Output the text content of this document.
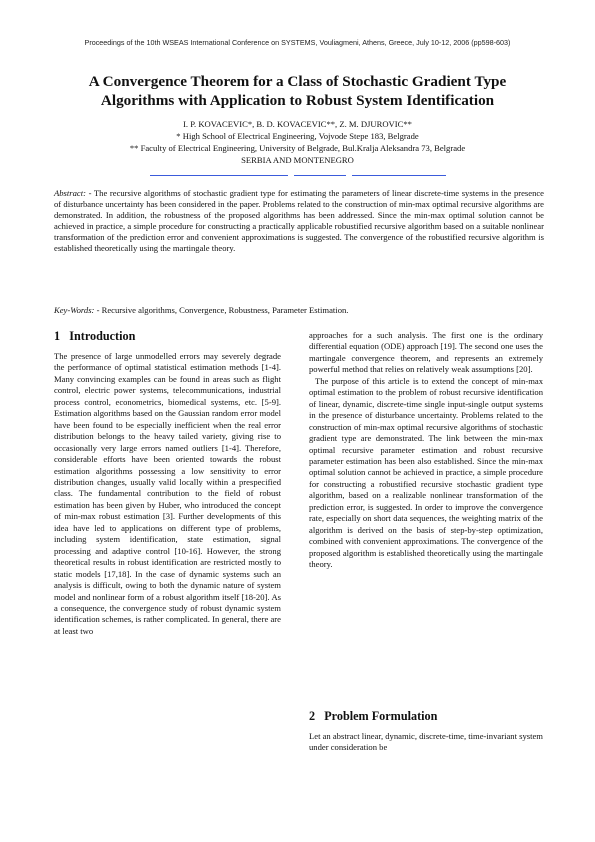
Proceedings of the 10th WSEAS International Conference on SYSTEMS, Vouliagmeni, Athens, Greece, July 10-12, 2006 (pp598-603)
A Convergence Theorem for a Class of Stochastic Gradient Type
Algorithms with Application to Robust System Identification
I. P. KOVACEVIC*, B. D. KOVACEVIC**, Z. M. DJUROVIC**
* High School of Electrical Engineering, Vojvode Stepe 183, Belgrade
** Faculty of Electrical Engineering, University of Belgrade, Bul.Kralja Aleksandra 73, Belgrade
SERBIA AND MONTENEGRO
Abstract: - The recursive algorithms of stochastic gradient type for estimating the parameters of linear discrete-time systems in the presence of disturbance uncertainty has been considered in the paper. Problems related to the construction of min-max optimal recursive algorithms are demonstrated. In addition, the robustness of the proposed algorithms has been addressed. Since the min-max optimal solution cannot be achieved in practice, a simple procedure for constructing a practically applicable robustified recursive algorithm based on a suitable nonlinear transformation of the prediction error and convenient approximations is suggested. The convergence of the robustified recursive algorithm is established theoretically using the martingale theory.
Key-Words: - Recursive algorithms, Convergence, Robustness, Parameter Estimation.
1 Introduction

The presence of large unmodelled errors may severely degrade the performance of optimal statistical estimation methods [1-4]. Many convincing examples can be found in areas such as flight control, electric power systems, telecommunications, industrial process control, econometrics, biomedical systems, etc. [5-9]. Estimation algorithms based on the Gaussian random error model have been found to be especially inefficient when the real error distribution belongs to the heavy tailed variety, giving rise to occasionally very large errors named outliers [1-4]. Therefore, considerable efforts have been oriented towards the robust estimation algorithms possessing a low sensitivity to error distribution changes, usually valid locally within a prespecified class. The fundamental contribution to the field of robust estimation has been given by Huber, who introduced the concept of min-max robust estimation [3]. Further developments of this idea have led to applications on different type of problems, including system identification, state estimation, signal processing and adaptive control [10-16]. However, the strong theoretical results in robust identification are restricted mostly to static models [17,18]. In the case of dynamic systems such an analysis is difficult, owing to both the dynamic nature of system model and nonlinear form of a robust algorithm itself [18-20]. As a consequence, the convergence study of robust dynamic system identification schemes, is rather complicated. In general, there are at least two

approaches for a such analysis. The first one is the ordinary differential equation (ODE) approach [19]. The second one uses the martingale convergence theorem, and represents an extremely powerful method that relies on relatively weak assumptions [20].

The purpose of this article is to extend the concept of min-max optimal estimation to the problem of robust recursive identification of linear, dynamic, discrete-time single input-single output systems in the presence of disturbance uncertainty. Problems related to the construction of min-max optimal recursive algorithms of stochastic gradient type are demonstrated. The link between the min-max optimal recursive parameter estimation and robust recursive parameter estimation has been also established. Since the min-max optimal solution cannot be achieved in practice, a simple procedure for constructing a robustified recursive stochastic gradient type algorithm, based on a realizable nonlinear transformation of the prediction error, is suggested. In order to improve the convergence rate, especially on short data sequences, the weighting matrix of the algorithm is derived on the basis of step-by-step optimization, combined with convenient approximations. The convergence of the proposed algorithm is established theoretically using the martingale theory.

2 Problem Formulation

Let an abstract linear, dynamic, discrete-time, time-invariant system under consideration be
